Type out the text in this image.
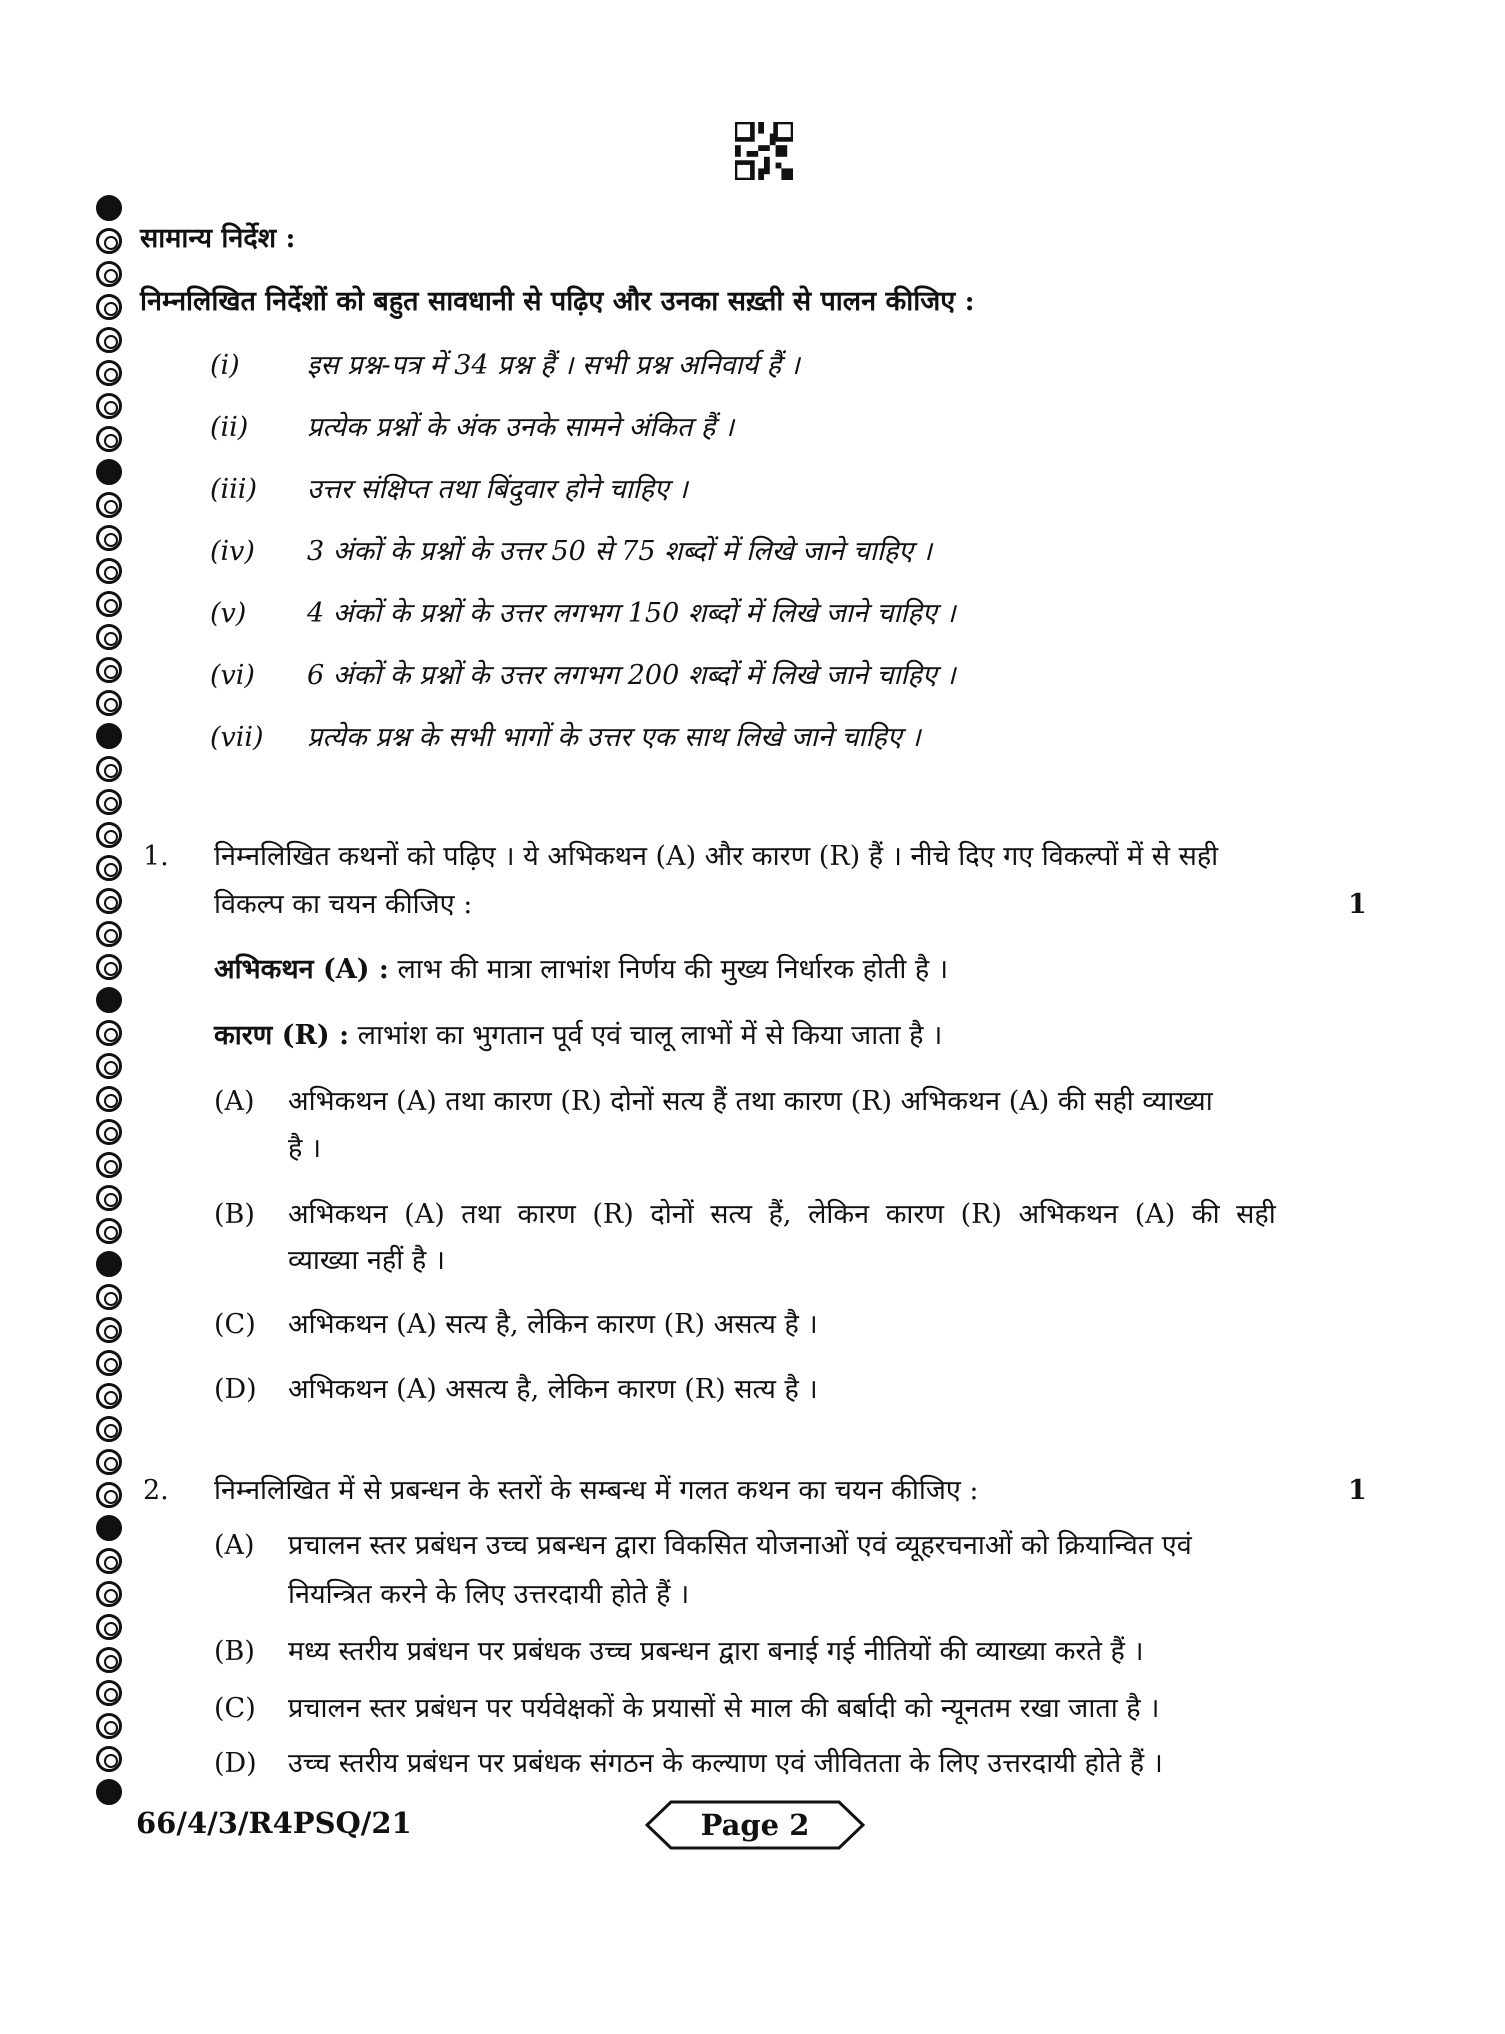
सामान्य निर्देश :
निम्नलिखित निर्देशों को बहुत सावधानी से पढ़िए और उनका सख़्ती से पालन कीजिए :
(i) इस प्रश्न-पत्र में 34 प्रश्न हैं । सभी प्रश्न अनिवार्य हैं ।
(ii) प्रत्येक प्रश्नों के अंक उनके सामने अंकित हैं ।
(iii) उत्तर संक्षिप्त तथा बिंदुवार होने चाहिए ।
(iv) 3 अंकों के प्रश्नों के उत्तर 50 से 75 शब्दों में लिखे जाने चाहिए ।
(v) 4 अंकों के प्रश्नों के उत्तर लगभग 150 शब्दों में लिखे जाने चाहिए ।
(vi) 6 अंकों के प्रश्नों के उत्तर लगभग 200 शब्दों में लिखे जाने चाहिए ।
(vii) प्रत्येक प्रश्न के सभी भागों के उत्तर एक साथ लिखे जाने चाहिए ।
1. निम्नलिखित कथनों को पढ़िए । ये अभिकथन (A) और कारण (R) हैं । नीचे दिए गए विकल्पों में से सही
विकल्प का चयन कीजिए :	1
अभिकथन (A) : लाभ की मात्रा लाभांश निर्णय की मुख्य निर्धारक होती है ।
कारण (R) : लाभांश का भुगतान पूर्व एवं चालू लाभों में से किया जाता है ।
(A) अभिकथन (A) तथा कारण (R) दोनों सत्य हैं तथा कारण (R) अभिकथन (A) की सही व्याख्या
है ।
(B) अभिकथन (A) तथा कारण (R) दोनों सत्य हैं, लेकिन कारण (R) अभिकथन (A) की सही
व्याख्या नहीं है ।
(C) अभिकथन (A) सत्य है, लेकिन कारण (R) असत्य है ।
(D) अभिकथन (A) असत्य है, लेकिन कारण (R) सत्य है ।
2. निम्नलिखित में से प्रबन्धन के स्तरों के सम्बन्ध में गलत कथन का चयन कीजिए :	1
(A) प्रचालन स्तर प्रबंधन उच्च प्रबन्धन द्वारा विकसित योजनाओं एवं व्यूहरचनाओं को क्रियान्वित एवं
नियन्त्रित करने के लिए उत्तरदायी होते हैं ।
(B) मध्य स्तरीय प्रबंधन पर प्रबंधक उच्च प्रबन्धन द्वारा बनाई गई नीतियों की व्याख्या करते हैं ।
(C) प्रचालन स्तर प्रबंधन पर पर्यवेक्षकों के प्रयासों से माल की बर्बादी को न्यूनतम रखा जाता है ।
(D) उच्च स्तरीय प्रबंधन पर प्रबंधक संगठन के कल्याण एवं जीवितता के लिए उत्तरदायी होते हैं ।
66/4/3/R4PSQ/21	Page 2
